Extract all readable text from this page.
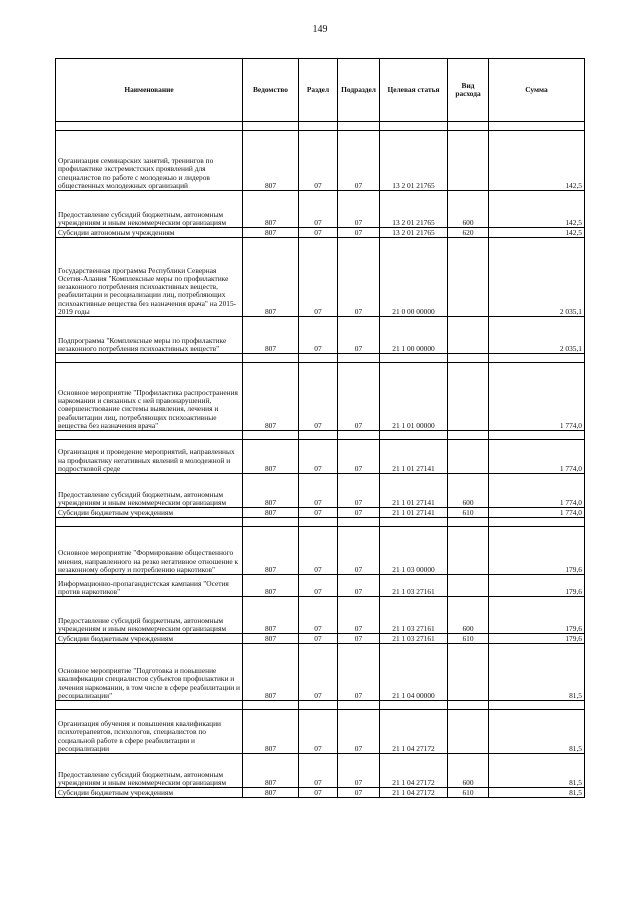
149
Наименование	Ведомство	Раздел	Подраздел	Целевая статья	Вид расхода	Сумма

Организация семинарских занятий, тренингов по профилактике экстремистских проявлений для специалистов по работе с молодежью и лидеров общественных молодежных организаций	807	07	07	13 2 01 21765		142,5
Предоставление субсидий бюджетным, автономным учреждениям и иным некоммерческим организациям	807	07	07	13 2 01 21765	600	142,5
Субсидии автономным учреждениям	807	07	07	13 2 01 21765	620	142,5
Государственная программа Республики Северная Осетия-Алания "Комплексные меры по профилактике незаконного потребления психоактивных веществ, реабилитации и ресоциализации лиц, потребляющих психоактивные вещества без назначения врача" на 2015-2019 годы	807	07	07	21 0 00 00000		2 035,1
Подпрограмма "Комплексные меры по профилактике незаконного потребления психоактивных веществ"	807	07	07	21 1 00 00000		2 035,1

Основное мероприятие "Профилактика распространения наркомании и связанных с ней правонарушений, совершенствование системы выявления, лечения и реабилитации лиц, потребляющих психоактивные вещества без назначения врача"	807	07	07	21 1 01 00000		1 774,0

Организация и проведение мероприятий, направленных на профилактику негативных явлений в молодежной и подростковой среде	807	07	07	21 1 01 27141		1 774,0
Предоставление субсидий бюджетным, автономным учреждениям и иным некоммерческим организациям	807	07	07	21 1 01 27141	600	1 774,0
Субсидии бюджетным учреждениям	807	07	07	21 1 01 27141	610	1 774,0

Основное мероприятие "Формирование общественного мнения, направленного на резко негативное отношение к незаконному обороту и потреблению наркотиков"	807	07	07	21 1 03 00000		179,6
Информационно-пропагандистская кампания "Осетия против наркотиков"	807	07	07	21 1 03 27161		179,6
Предоставление субсидий бюджетным, автономным учреждениям и иным некоммерческим организациям	807	07	07	21 1 03 27161	600	179,6
Субсидии бюджетным учреждениям	807	07	07	21 1 03 27161	610	179,6
Основное мероприятие "Подготовка и повышение квалификации специалистов субъектов профилактики и лечения наркомании, в том числе в сфере реабилитации и ресоциализации"	807	07	07	21 1 04 00000		81,5

Организация обучения и повышения квалификации психотерапевтов, психологов, специалистов по социальной работе в сфере реабилитации и ресоциализации	807	07	07	21 1 04 27172		81,5
Предоставление субсидий бюджетным, автономным учреждениям и иным некоммерческим организациям	807	07	07	21 1 04 27172	600	81,5
Субсидии бюджетным учреждениям	807	07	07	21 1 04 27172	610	81,5
